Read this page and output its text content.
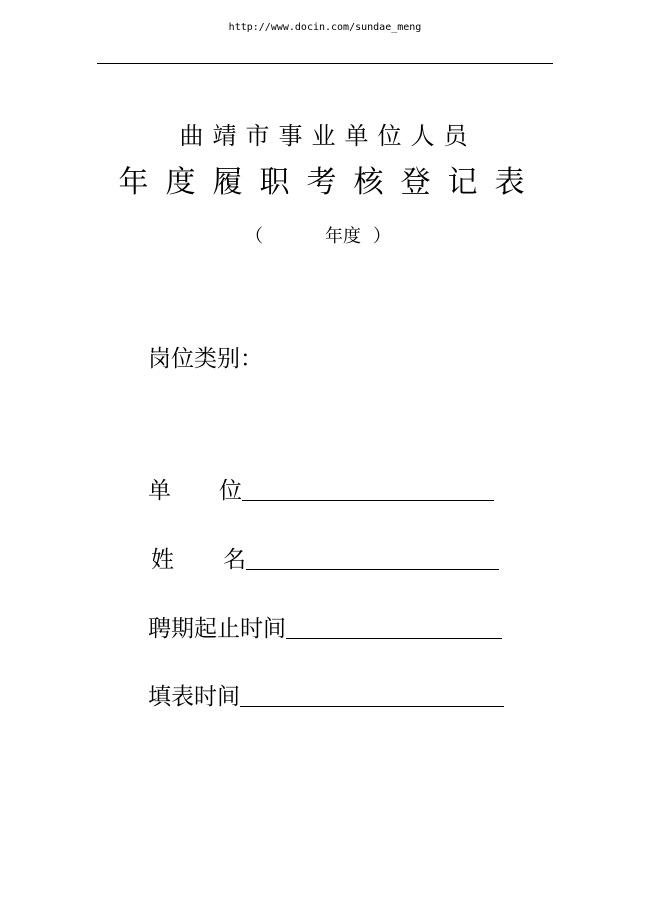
http://www.docin.com/sundae_meng
曲靖市事业单位人员
年度履职考核登记表
（	年度 ）
岗位类别：
单 位
姓 名
聘期起止时间
填表时间
